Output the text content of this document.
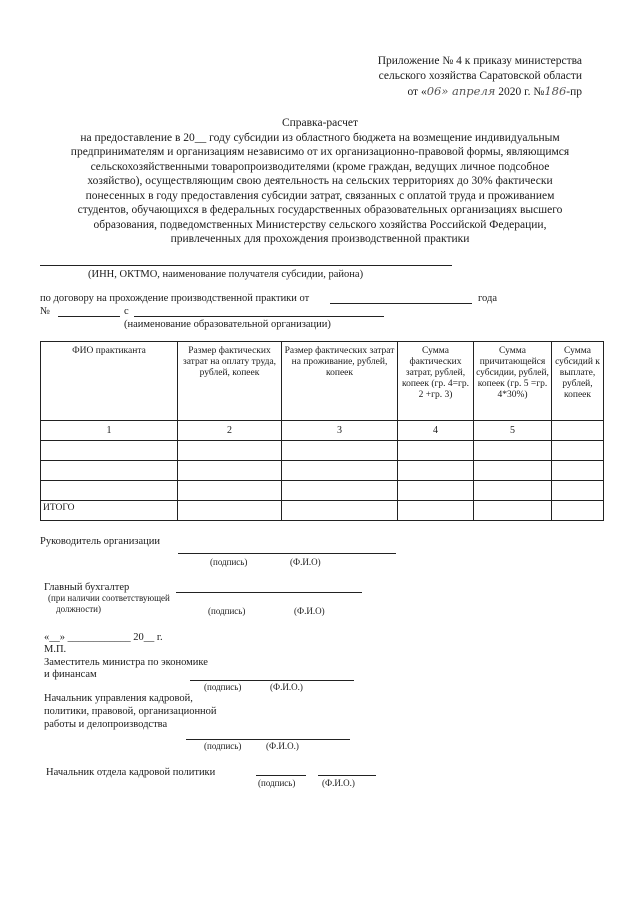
Приложение № 4 к приказу министерства
сельского хозяйства Саратовской области
от «06» апреля 2020 г. №186-пр
Справка-расчет
на предоставление в 20__ году субсидии из областного бюджета на возмещение индивидуальным
предпринимателям и организациям независимо от их организационно-правовой формы, являющимся
сельскохозяйственными товаропроизводителями (кроме граждан, ведущих личное подсобное
хозяйство), осуществляющим свою деятельность на сельских территориях до 30% фактически
понесенных в году предоставления субсидии затрат, связанных с оплатой труда и проживанием
студентов, обучающихся в федеральных государственных образовательных организациях высшего
образования, подведомственных Министерству сельского хозяйства Российской Федерации,
привлеченных для прохождения производственной практики
(ИНН, ОКТМО, наименование получателя субсидии, района)
по договору на прохождение производственной практики от	года
№	с
(наименование образовательной организации)
ФИО практиканта	Размер фактических затрат на оплату труда, рублей, копеек	Размер фактических затрат на проживание, рублей, копеек	Сумма фактических затрат, рублей, копеек (гр. 4=гр. 2 +гр. 3)	Сумма причитающейся субсидии, рублей, копеек (гр. 5 =гр. 4*30%)	Сумма субсидий к выплате, рублей, копеек
1	2	3	4	5	

ИТОГО					
Руководитель организации
(подпись)	(Ф.И.О)
Главный бухгалтер
(при наличии соответствующей
должности)	(подпись)	(Ф.И.О)
«__» ____________ 20__ г.
М.П.
Заместитель министра по экономике
и финансам
(подпись)	(Ф.И.О.)
Начальник управления кадровой,
политики, правовой, организационной
работы и делопроизводства
(подпись)	(Ф.И.О.)
Начальник отдела кадровой политики
(подпись)	(Ф.И.О.)
